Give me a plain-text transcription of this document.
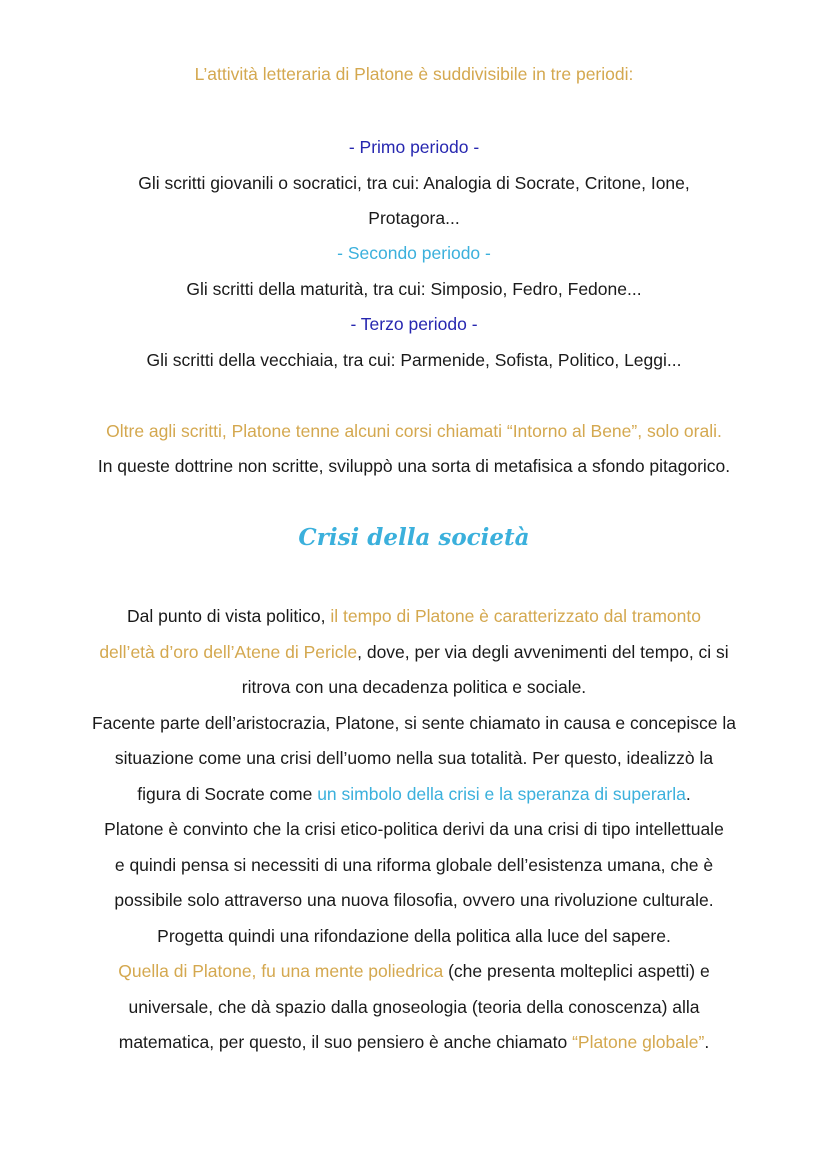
L’attività letteraria di Platone è suddivisibile in tre periodi:
- Primo periodo -
Gli scritti giovanili o socratici, tra cui: Analogia di Socrate, Critone, Ione,
Protagora...
- Secondo periodo -
Gli scritti della maturità, tra cui: Simposio, Fedro, Fedone...
- Terzo periodo -
Gli scritti della vecchiaia, tra cui: Parmenide, Sofista, Politico, Leggi...
Oltre agli scritti, Platone tenne alcuni corsi chiamati “Intorno al Bene”, solo orali.
In queste dottrine non scritte, sviluppò una sorta di metafisica a sfondo pitagorico.
Crisi della società
Dal punto di vista politico, il tempo di Platone è caratterizzato dal tramonto
dell’età d’oro dell’Atene di Pericle, dove, per via degli avvenimenti del tempo, ci si
ritrova con una decadenza politica e sociale.
Facente parte dell’aristocrazia, Platone, si sente chiamato in causa e concepisce la
situazione come una crisi dell’uomo nella sua totalità. Per questo, idealizzò la
figura di Socrate come un simbolo della crisi e la speranza di superarla.
Platone è convinto che la crisi etico-politica derivi da una crisi di tipo intellettuale
e quindi pensa si necessiti di una riforma globale dell’esistenza umana, che è
possibile solo attraverso una nuova filosofia, ovvero una rivoluzione culturale.
Progetta quindi una rifondazione della politica alla luce del sapere.
Quella di Platone, fu una mente poliedrica (che presenta molteplici aspetti) e
universale, che dà spazio dalla gnoseologia (teoria della conoscenza) alla
matematica, per questo, il suo pensiero è anche chiamato “Platone globale”.
